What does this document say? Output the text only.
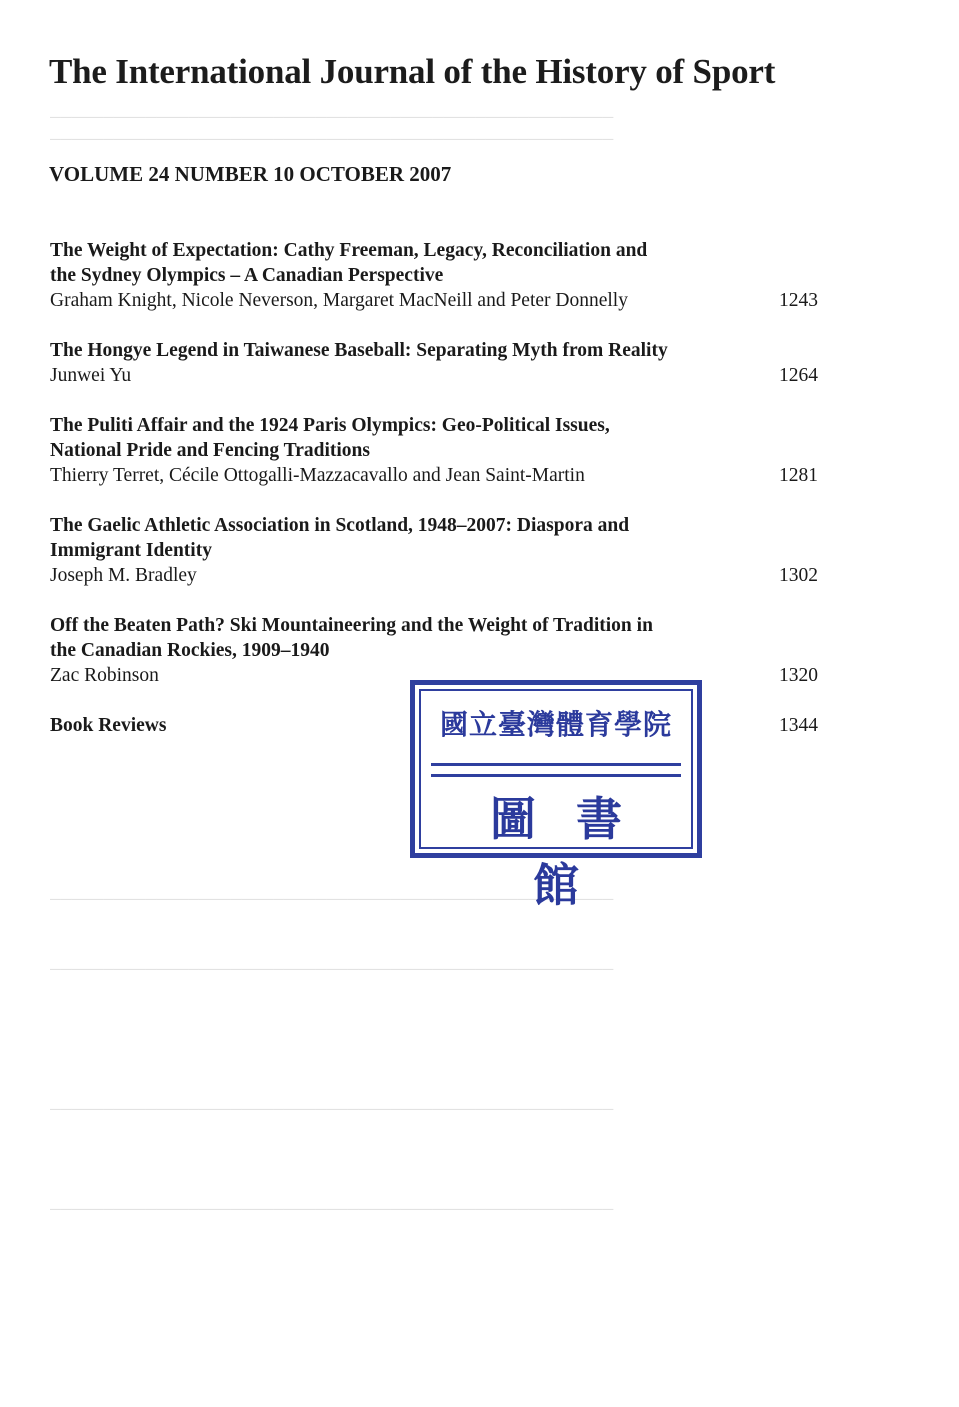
─────────────────────────────────────────────────────
─────────────────────────────────────────────────────
─────────────────────────────────────────────────────
─────────────────────────────────────────────────────
─────────────────────────────────────────────────────
─────────────────────────────────────────────────────
The International Journal of the History of Sport
VOLUME 24 NUMBER 10 OCTOBER 2007
The Weight of Expectation: Cathy Freeman, Legacy, Reconciliation and
the Sydney Olympics – A Canadian Perspective
Graham Knight, Nicole Neverson, Margaret MacNeill and Peter Donnelly	1243
The Hongye Legend in Taiwanese Baseball: Separating Myth from Reality
Junwei Yu	1264
The Puliti Affair and the 1924 Paris Olympics: Geo-Political Issues,
National Pride and Fencing Traditions
Thierry Terret, Cécile Ottogalli-Mazzacavallo and Jean Saint-Martin	1281
The Gaelic Athletic Association in Scotland, 1948–2007: Diaspora and
Immigrant Identity
Joseph M. Bradley	1302
Off the Beaten Path? Ski Mountaineering and the Weight of Tradition in
the Canadian Rockies, 1909–1940
Zac Robinson	1320
Book Reviews	1344
國立臺灣體育學院
圖書館
